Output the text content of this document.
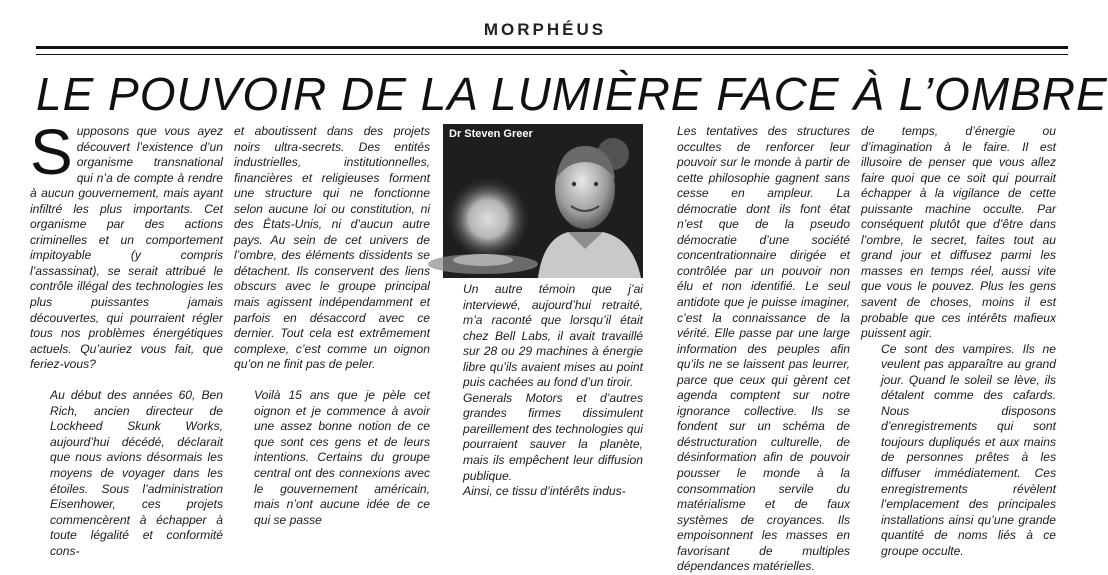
MORPHÉUS
LE POUVOIR DE LA LUMIÈRE FACE À L’OMBRE

Supposons que vous ayez découvert l’existence d’un organisme transnational qui n’a de compte à rendre à aucun gouvernement, mais ayant infiltré les plus importants. Cet organisme par des actions criminelles et un comportement impitoyable (y compris l’assassinat), se serait attribué le contrôle illégal des technologies les plus puissantes jamais découvertes, qui pourraient régler tous nos problèmes énergétiques actuels. Qu’auriez vous fait, que feriez-vous?

Au début des années 60, Ben Rich, ancien directeur de Lockheed Skunk Works, aujourd’hui décédé, déclarait que nous avions désormais les moyens de voyager dans les étoiles. Sous l’administration Eisenhower, ces projets commencèrent à échapper à toute légalité et conformité cons-

et aboutissent dans des projets noirs ultra-secrets. Des entités industrielles, institutionnelles, financières et religieuses forment une structure qui ne fonctionne selon aucune loi ou constitution, ni des États-Unis, ni d’aucun autre pays. Au sein de cet univers de l’ombre, des éléments dissidents se détachent. Ils conservent des liens obscurs avec le groupe principal mais agissent indépendamment et parfois en désaccord avec ce dernier. Tout cela est extrêmement complexe, c’est comme un oignon qu’on ne finit pas de peler.

Voilà 15 ans que je pèle cet oignon et je commence à avoir une assez bonne notion de ce que sont ces gens et de leurs intentions. Certains du groupe central ont des connexions avec le gouvernement américain, mais n’ont aucune idée de ce qui se passe

Dr Steven Greer

Un autre témoin que j’ai interviewé, aujourd’hui retraité, m’a raconté que lorsqu’il était chez Bell Labs, il avait travaillé sur 28 ou 29 machines à énergie libre qu’ils avaient mises au point puis cachées au fond d’un tiroir.

Generals Motors et d’autres grandes firmes dissimulent pareillement des technologies qui pourraient sauver la planète, mais ils empêchent leur diffusion publique.

Ainsi, ce tissu d’intérêts indus-

Les tentatives des structures occultes de renforcer leur pouvoir sur le monde à partir de cette philosophie gagnent sans cesse en ampleur. La démocratie dont ils font état n’est que de la pseudo démocratie d’une société concentrationnaire dirigée et contrôlée par un pouvoir non élu et non identifié. Le seul antidote que je puisse imaginer, c’est la connaissance de la vérité. Elle passe par une large information des peuples afin qu’ils ne se laissent pas leurrer, parce que ceux qui gèrent cet agenda comptent sur notre ignorance collective. Ils se fondent sur un schéma de déstructuration culturelle, de désinformation afin de pouvoir pousser le monde à la consommation servile du matérialisme et de faux systèmes de croyances. Ils empoisonnent les masses en favorisant de multiples dépendances matérielles.

de temps, d’énergie ou d’imagination à le faire. Il est illusoire de penser que vous allez faire quoi que ce soit qui pourrait échapper à la vigilance de cette puissante machine occulte. Par conséquent plutôt que d’être dans l’ombre, le secret, faites tout au grand jour et diffusez parmi les masses en temps réel, aussi vite que vous le pouvez. Plus les gens savent de choses, moins il est probable que ces intérêts mafieux puissent agir.

Ce sont des vampires. Ils ne veulent pas apparaître au grand jour. Quand le soleil se lève, ils détalent comme des cafards. Nous disposons d’enregistrements qui sont toujours dupliqués et aux mains de personnes prêtes à les diffuser immédiatement. Ces enregistrements révèlent l’emplacement des principales installations ainsi qu’une grande quantité de noms liés à ce groupe occulte.
